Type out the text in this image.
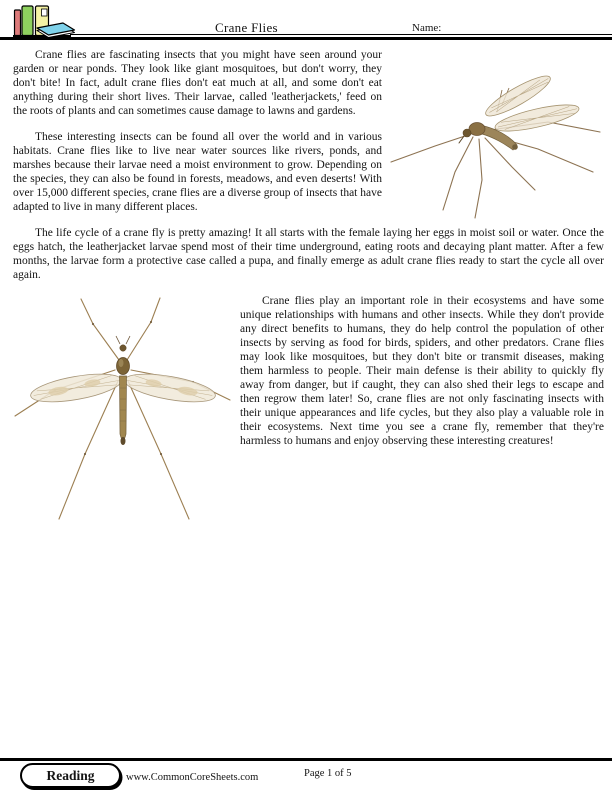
Crane Flies	Name:

Crane flies are fascinating insects that you might have seen around your garden or near ponds. They look like giant mosquitoes, but don't worry, they don't bite! In fact, adult crane flies don't eat much at all, and some don't eat anything during their short lives. Their larvae, called 'leatherjackets,' feed on the roots of plants and can sometimes cause damage to lawns and gardens.

These interesting insects can be found all over the world and in various habitats. Crane flies like to live near water sources like rivers, ponds, and marshes because their larvae need a moist environment to grow. Depending on the species, they can also be found in forests, meadows, and even deserts! With over 15,000 different species, crane flies are a diverse group of insects that have adapted to live in many different places.

The life cycle of a crane fly is pretty amazing! It all starts with the female laying her eggs in moist soil or water. Once the eggs hatch, the leatherjacket larvae spend most of their time underground, eating roots and decaying plant matter. After a few months, the larvae form a protective case called a pupa, and finally emerge as adult crane flies ready to start the cycle all over again.

Crane flies play an important role in their ecosystems and have some unique relationships with humans and other insects. While they don't provide any direct benefits to humans, they do help control the population of other insects by serving as food for birds, spiders, and other predators. Crane flies may look like mosquitoes, but they don't bite or transmit diseases, making them harmless to people. Their main defense is their ability to quickly fly away from danger, but if caught, they can also shed their legs to escape and then regrow them later! So, crane flies are not only fascinating insects with their unique appearances and life cycles, but they also play a valuable role in their ecosystems. Next time you see a crane fly, remember that they're harmless to humans and enjoy observing these interesting creatures!

Reading	www.CommonCoreSheets.com	Page 1 of 5
